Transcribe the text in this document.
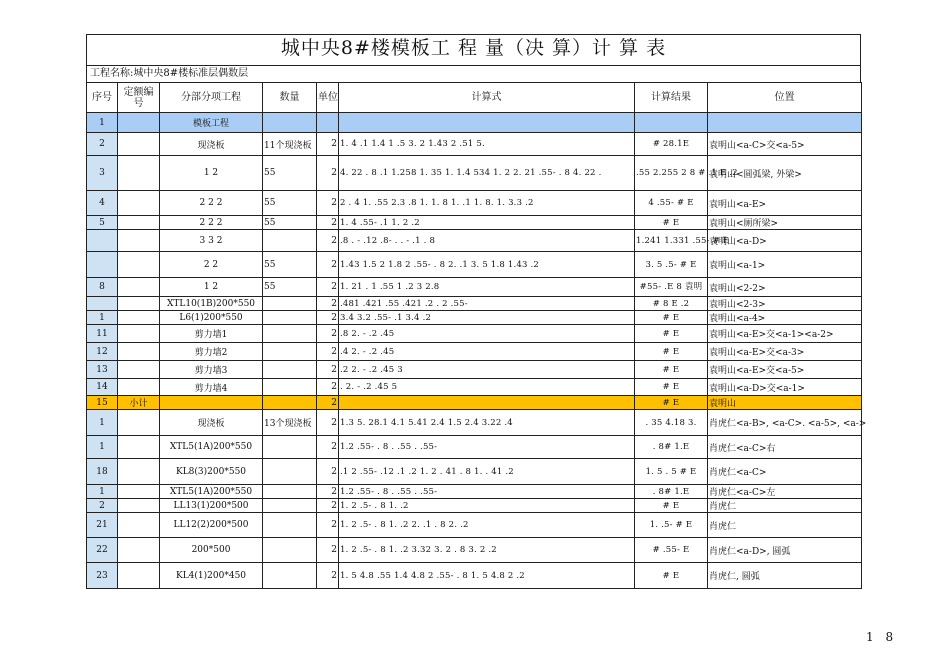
城中央8#楼模板工 程 量（决 算）计 算 表
工程名称:城中央8#楼标准层偶数层
序号	定额编号	分部分项工程	数量	单位	计算式	计算结果	位置
1		模板工程					
2		现浇板	11个现浇板	2	1. 4 .1 1.4 1 .5 3. 2 1.43 2 .51 5.	# 28.1E	袁明山<a-C>交<a-5>
3		1 2	55	2	4. 22 . 8 .1 1.258 1. 35 1. 1.4 534 1. 2 2. 21 .55- . 8 4. 22 .	.55 2.255 2 8 # .1 E .2	袁明山<圆弧梁, 外梁>
4		2 2 2	55	2	2 . 4 1. .55 2.3 .8 1. 1. 8 1. .1 1. 8. 1. 3.3 .2	4 .55- # E	袁明山<a-E>
5		2 2 2	55	2	1. 4 .55- .1 1. 2 .2	# E	袁明山<厕所梁>
		3 3 2		2	.8 . - .12 .8- . . - .1 . 8	1.241 1.331 .55- # E	袁明山<a-D>
		2 2	55	2	1.43 1.5 2 1.8 2 .55- . 8 2. .1 3. 5 1.8 1.43 .2	3. 5 .5- # E	袁明山<a-1>
8		1 2	55	2	1. 21 . 1 .55 1 .2 3 2.8	#55- .E 8 袁明	袁明山<2-2>
		XTL10(1B)200*550		2	.481 .421 .55 .421 .2 . 2 .55-	# 8 E .2	袁明山<2-3>
1		L6(1)200*550		2	3.4 3.2 .55- .1 3.4 .2	# E	袁明山<a-4>
11		剪力墙1		2	.8 2. - .2 .45	# E	袁明山<a-E>交<a-1><a-2>
12		剪力墙2		2	.4 2. - .2 .45	# E	袁明山<a-E>交<a-3>
13		剪力墙3		2	.2 2. - .2 .45 3	# E	袁明山<a-E>交<a-5>
14		剪力墙4		2	. 2. - .2 .45 5	# E	袁明山<a-D>交<a-1>
15	小计			2		# E	袁明山
1		现浇板	13个现浇板	2	1.3 5. 28.1 4.1 5.41 2.4 1.5 2.4 3.22 .4	. 35 4.18 3.	肖虎仁<a-B>, <a-C>. <a-5>, <a->
1		XTL5(1A)200*550		2	1.2 .55- . 8 . .55 . .55-	. 8# 1.E	肖虎仁<a-C>右
18		KL8(3)200*550		2	.1 2 .55- .12 .1 .2 1. 2 . 41 . 8 1. . 41 .2	1. 5 . 5 # E	肖虎仁<a-C>
1		XTL5(1A)200*550		2	1.2 .55- . 8 . .55 . .55-	. 8# 1.E	肖虎仁<a-C>左
2		LL13(1)200*500		2	1. 2 .5- . 8 1. .2	# E	肖虎仁
21		LL12(2)200*500		2	1. 2 .5- . 8 1. .2 2. .1 . 8 2. .2	1. .5- # E	肖虎仁
22		200*500		2	1. 2 .5- . 8 1. .2 3.32 3. 2 . 8 3. 2 .2	# .55- E	肖虎仁<a-D>, 圆弧
23		KL4(1)200*450		2	1. 5 4.8 .55 1.4 4.8 2 .55- . 8 1. 5 4.8 2 .2	# E	肖虎仁, 圆弧
1 8
